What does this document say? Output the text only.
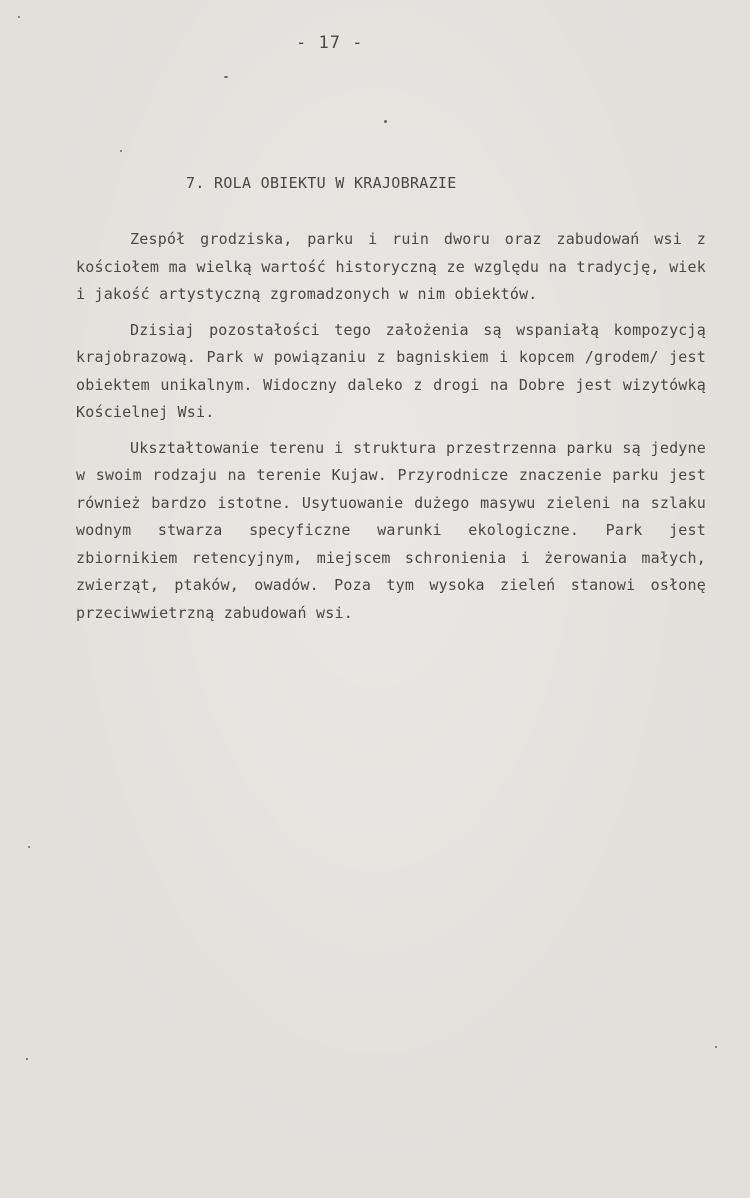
- 17 -
7. ROLA OBIEKTU W KRAJOBRAZIE

Zespół grodziska, parku i ruin dworu oraz zabudowań wsi z kościołem ma wielką wartość historyczną ze względu na tradycję, wiek i jakość artystyczną zgromadzonych w nim obiektów.

Dzisiaj pozostałości tego założenia są wspaniałą kompozycją krajobrazową. Park w powiązaniu z bagniskiem i kopcem /grodem/ jest obiektem unikalnym. Widoczny daleko z drogi na Dobre jest wizytówką Kościelnej Wsi.

Ukształtowanie terenu i struktura przestrzenna parku są jedyne w swoim rodzaju na terenie Kujaw. Przyrodnicze znaczenie parku jest również bardzo istotne. Usytuowanie dużego masywu zieleni na szlaku wodnym stwarza specyficzne warunki ekologiczne. Park jest zbiornikiem retencyjnym, miejscem schronienia i żerowania małych, zwierząt, ptaków, owadów. Poza tym wysoka zieleń stanowi osłonę przeciwwietrzną zabudowań wsi.
